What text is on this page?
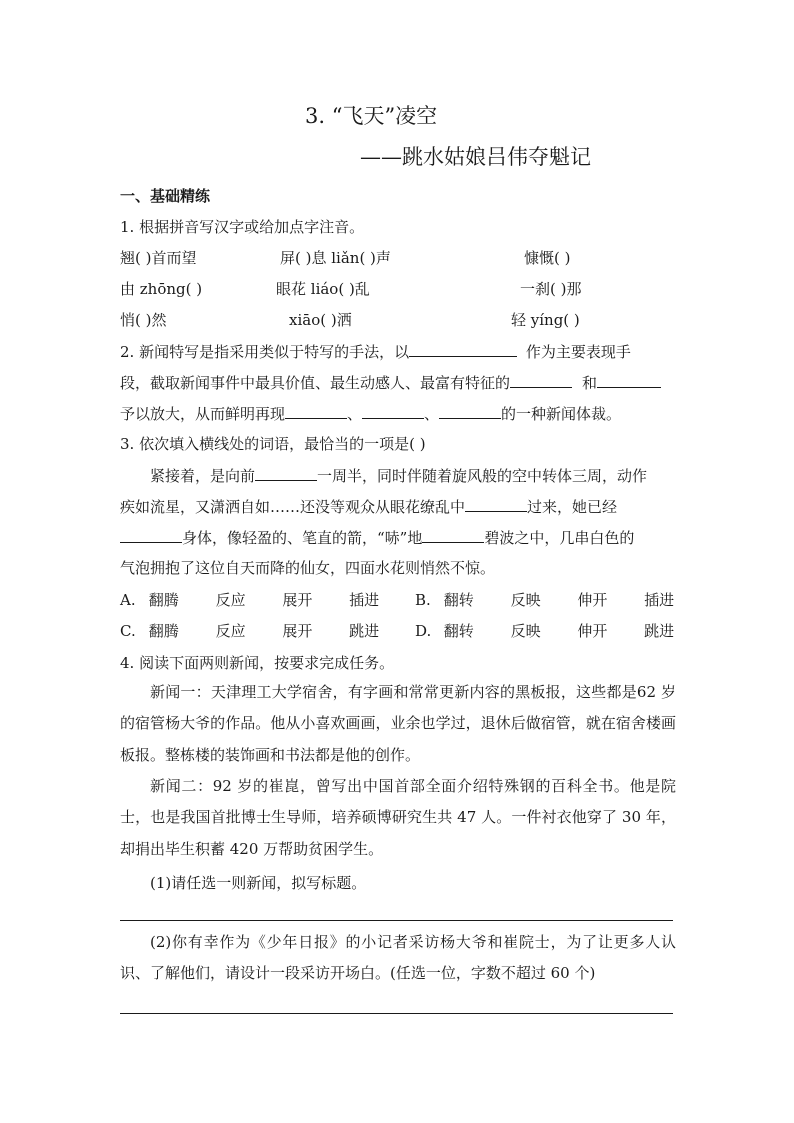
3. “飞天”凌空
——跳水姑娘吕伟夺魁记
一、基础精练
1. 根据拼音写汉字或给加点字注音。
翘( )首而望	屏( )息 liǎn( )声	慷慨( )
由 zhōng( )	眼花 liáo( )乱	一刹( )那
悄( )然	xiāo( )洒	轻 yíng( )
2. 新闻特写是指采用类似于特写的手法，以	作为主要表现手
段，截取新闻事件中最具价值、最生动感人、最富有特征的	和
予以放大，从而鲜明再现	、	、	的一种新闻体裁。
3. 依次填入横线处的词语，最恰当的一项是( )
紧接着，是向前	一周半，同时伴随着旋风般的空中转体三周，动作
疾如流星，又潇洒自如……还没等观众从眼花缭乱中	过来，她已经
身体，像轻盈的、笔直的箭，“哧”地	碧波之中，几串白色的
气泡拥抱了这位自天而降的仙女，四面水花则悄然不惊。
A. 翻腾 反应 展开 插进 B. 翻转 反映 伸开 插进
C. 翻腾 反应 展开 跳进 D. 翻转 反映 伸开 跳进
4. 阅读下面两则新闻，按要求完成任务。

新闻一：天津理工大学宿舍，有字画和常常更新内容的黑板报，这些都是62 岁的宿管杨大爷的作品。他从小喜欢画画，业余也学过，退休后做宿管，就在宿舍楼画板报。整栋楼的装饰画和书法都是他的创作。

新闻二：92 岁的崔崑，曾写出中国首部全面介绍特殊钢的百科全书。他是院士，也是我国首批博士生导师，培养硕博研究生共 47 人。一件衬衣他穿了 30 年，却捐出毕生积蓄 420 万帮助贫困学生。

(1)请任选一则新闻，拟写标题。

(2)你有幸作为《少年日报》的小记者采访杨大爷和崔院士，为了让更多人认识、了解他们，请设计一段采访开场白。(任选一位，字数不超过 60 个)
